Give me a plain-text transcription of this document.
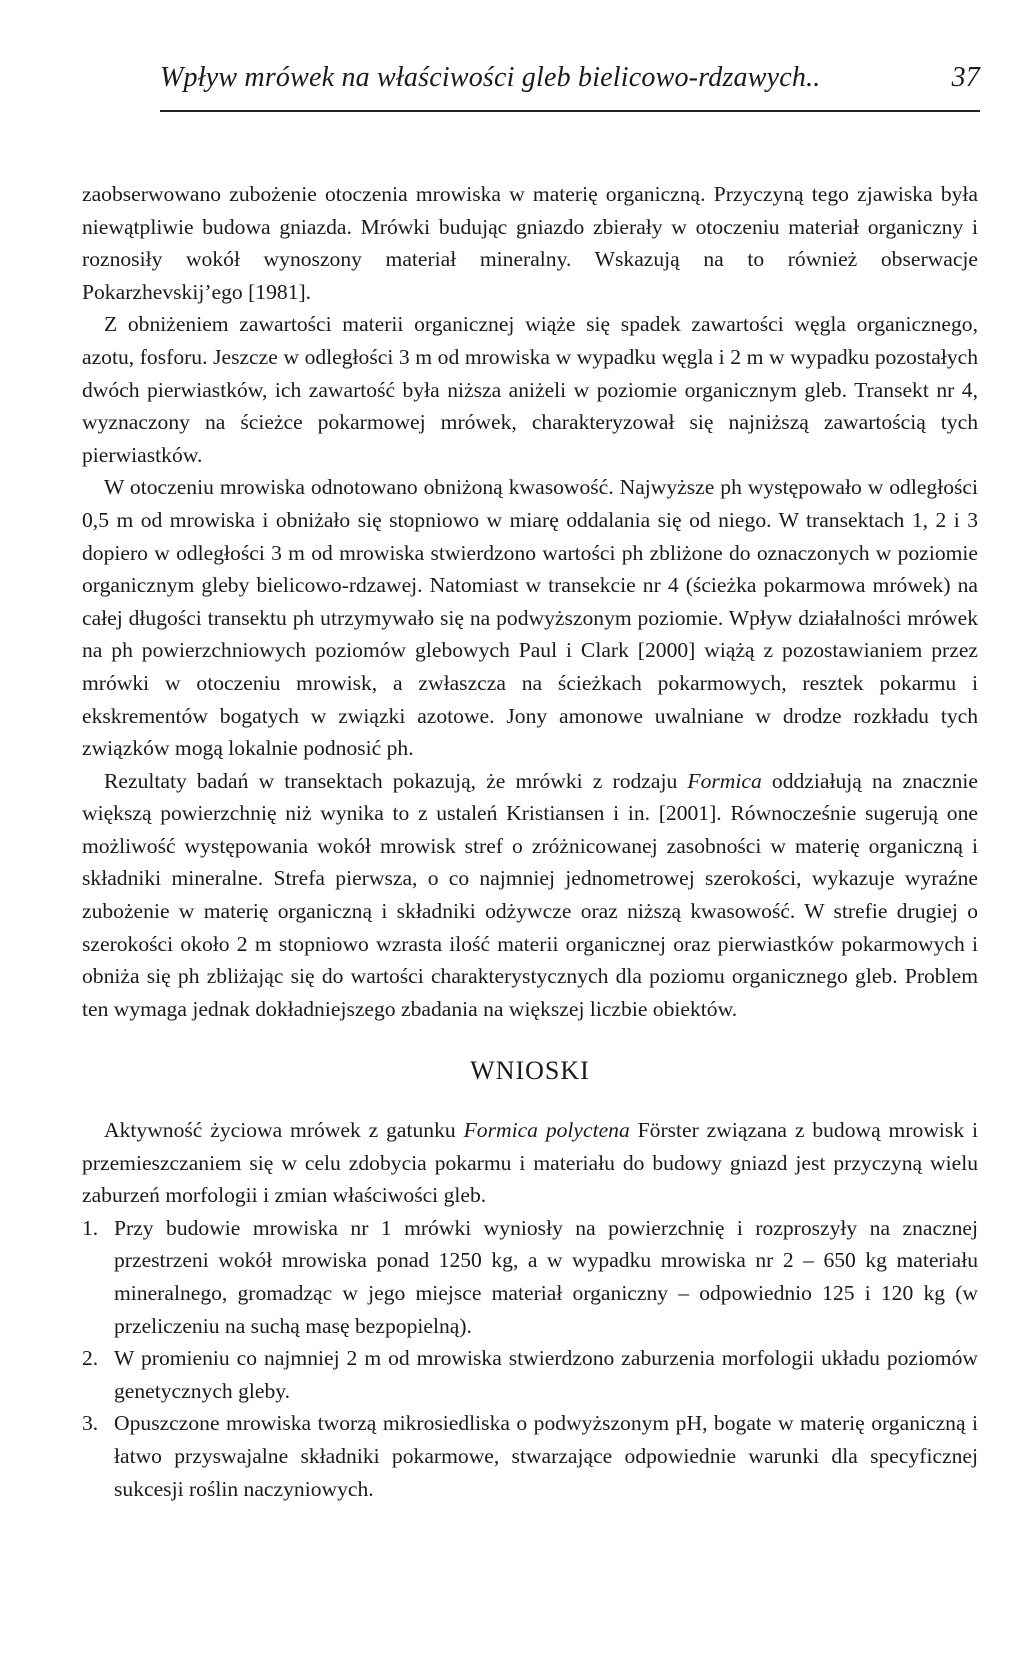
Wpływ mrówek na właściwości gleb bielicowo-rdzawych..	37

zaobserwowano zubożenie otoczenia mrowiska w materię organiczną. Przyczyną tego zjawiska była niewątpliwie budowa gniazda. Mrówki budując gniazdo zbierały w otoczeniu materiał organiczny i roznosiły wokół wynoszony materiał mineralny. Wskazują na to również obserwacje Pokarzhevskij’ego [1981].

Z obniżeniem zawartości materii organicznej wiąże się spadek zawartości węgla organicznego, azotu, fosforu. Jeszcze w odległości 3 m od mrowiska w wypadku węgla i 2 m w wypadku pozostałych dwóch pierwiastków, ich zawartość była niższa aniżeli w poziomie organicznym gleb. Transekt nr 4, wyznaczony na ścieżce pokarmowej mrówek, charakteryzował się najniższą zawartością tych pierwiastków.

W otoczeniu mrowiska odnotowano obniżoną kwasowość. Najwyższe ph występowało w odległości 0,5 m od mrowiska i obniżało się stopniowo w miarę oddalania się od niego. W transektach 1, 2 i 3 dopiero w odległości 3 m od mrowiska stwierdzono wartości ph zbliżone do oznaczonych w poziomie organicznym gleby bielicowo-rdzawej. Natomiast w transekcie nr 4 (ścieżka pokarmowa mrówek) na całej długości transektu ph utrzymywało się na podwyższonym poziomie. Wpływ działalności mrówek na ph powierzchniowych poziomów glebowych Paul i Clark [2000] wiążą z pozostawianiem przez mrówki w otoczeniu mrowisk, a zwłaszcza na ścieżkach pokarmowych, resztek pokarmu i ekskrementów bogatych w związki azotowe. Jony amonowe uwalniane w drodze rozkładu tych związków mogą lokalnie podnosić ph.

Rezultaty badań w transektach pokazują, że mrówki z rodzaju Formica oddziałują na znacznie większą powierzchnię niż wynika to z ustaleń Kristiansen i in. [2001]. Równocześnie sugerują one możliwość występowania wokół mrowisk stref o zróżnicowanej zasobności w materię organiczną i składniki mineralne. Strefa pierwsza, o co najmniej jednometrowej szerokości, wykazuje wyraźne zubożenie w materię organiczną i składniki odżywcze oraz niższą kwasowość. W strefie drugiej o szerokości około 2 m stopniowo wzrasta ilość materii organicznej oraz pierwiastków pokarmowych i obniża się ph zbliżając się do wartości charakterystycznych dla poziomu organicznego gleb. Problem ten wymaga jednak dokładniejszego zbadania na większej liczbie obiektów.

WNIOSKI

Aktywność życiowa mrówek z gatunku Formica polyctena Förster związana z budową mrowisk i przemieszczaniem się w celu zdobycia pokarmu i materiału do budowy gniazd jest przyczyną wielu zaburzeń morfologii i zmian właściwości gleb.

1. Przy budowie mrowiska nr 1 mrówki wyniosły na powierzchnię i rozproszyły na znacznej przestrzeni wokół mrowiska ponad 1250 kg, a w wypadku mrowiska nr 2 – 650 kg materiału mineralnego, gromadząc w jego miejsce materiał organiczny – odpowiednio 125 i 120 kg (w przeliczeniu na suchą masę bezpopielną).
2. W promieniu co najmniej 2 m od mrowiska stwierdzono zaburzenia morfologii układu poziomów genetycznych gleby.
3. Opuszczone mrowiska tworzą mikrosiedliska o podwyższonym pH, bogate w materię organiczną i łatwo przyswajalne składniki pokarmowe, stwarzające odpowiednie warunki dla specyficznej sukcesji roślin naczyniowych.
